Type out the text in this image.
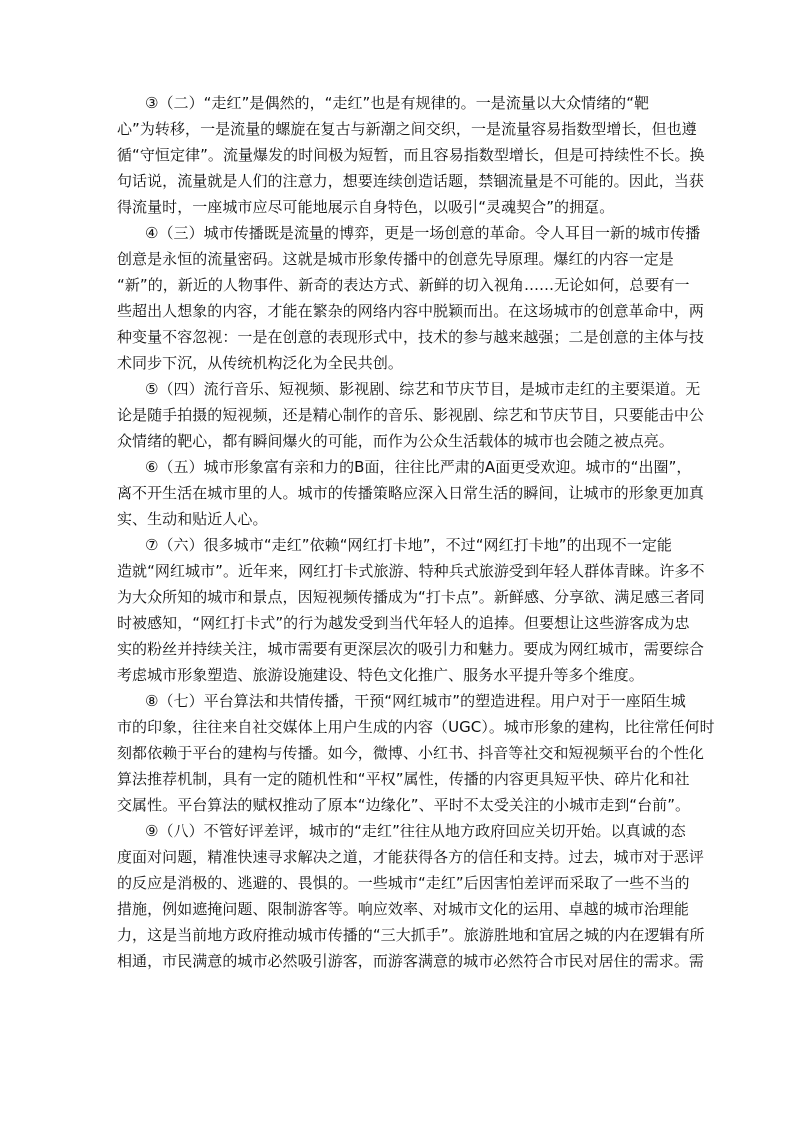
③（二）“走红”是偶然的，“走红”也是有规律的。一是流量以大众情绪的“靶
心”为转移，一是流量的螺旋在复古与新潮之间交织，一是流量容易指数型增长，但也遵
循“守恒定律”。流量爆发的时间极为短暂，而且容易指数型增长，但是可持续性不长。换
句话说，流量就是人们的注意力，想要连续创造话题，禁锢流量是不可能的。因此，当获
得流量时，一座城市应尽可能地展示自身特色，以吸引“灵魂契合”的拥趸。
④（三）城市传播既是流量的博弈，更是一场创意的革命。令人耳目一新的城市传播
创意是永恒的流量密码。这就是城市形象传播中的创意先导原理。爆红的内容一定是
“新”的，新近的人物事件、新奇的表达方式、新鲜的切入视角……无论如何，总要有一
些超出人想象的内容，才能在繁杂的网络内容中脱颖而出。在这场城市的创意革命中，两
种变量不容忽视：一是在创意的表现形式中，技术的参与越来越强；二是创意的主体与技
术同步下沉，从传统机构泛化为全民共创。
⑤（四）流行音乐、短视频、影视剧、综艺和节庆节目，是城市走红的主要渠道。无
论是随手拍摄的短视频，还是精心制作的音乐、影视剧、综艺和节庆节目，只要能击中公
众情绪的靶心，都有瞬间爆火的可能，而作为公众生活载体的城市也会随之被点亮。
⑥（五）城市形象富有亲和力的B面，往往比严肃的A面更受欢迎。城市的“出圈”，
离不开生活在城市里的人。城市的传播策略应深入日常生活的瞬间，让城市的形象更加真
实、生动和贴近人心。
⑦（六）很多城市“走红”依赖“网红打卡地”，不过“网红打卡地”的出现不一定能
造就“网红城市”。近年来，网红打卡式旅游、特种兵式旅游受到年轻人群体青睐。许多不
为大众所知的城市和景点，因短视频传播成为“打卡点”。新鲜感、分享欲、满足感三者同
时被感知，“网红打卡式”的行为越发受到当代年轻人的追捧。但要想让这些游客成为忠
实的粉丝并持续关注，城市需要有更深层次的吸引力和魅力。要成为网红城市，需要综合
考虑城市形象塑造、旅游设施建设、特色文化推广、服务水平提升等多个维度。
⑧（七）平台算法和共情传播，干预“网红城市”的塑造进程。用户对于一座陌生城
市的印象，往往来自社交媒体上用户生成的内容（UGC）。城市形象的建构，比往常任何时
刻都依赖于平台的建构与传播。如今，微博、小红书、抖音等社交和短视频平台的个性化
算法推荐机制，具有一定的随机性和“平权”属性，传播的内容更具短平快、碎片化和社
交属性。平台算法的赋权推动了原本“边缘化”、平时不太受关注的小城市走到“台前”。
⑨（八）不管好评差评，城市的“走红”往往从地方政府回应关切开始。以真诚的态
度面对问题，精准快速寻求解决之道，才能获得各方的信任和支持。过去，城市对于恶评
的反应是消极的、逃避的、畏惧的。一些城市“走红”后因害怕差评而采取了一些不当的
措施，例如遮掩问题、限制游客等。响应效率、对城市文化的运用、卓越的城市治理能
力，这是当前地方政府推动城市传播的“三大抓手”。旅游胜地和宜居之城的内在逻辑有所
相通，市民满意的城市必然吸引游客，而游客满意的城市必然符合市民对居住的需求。需
